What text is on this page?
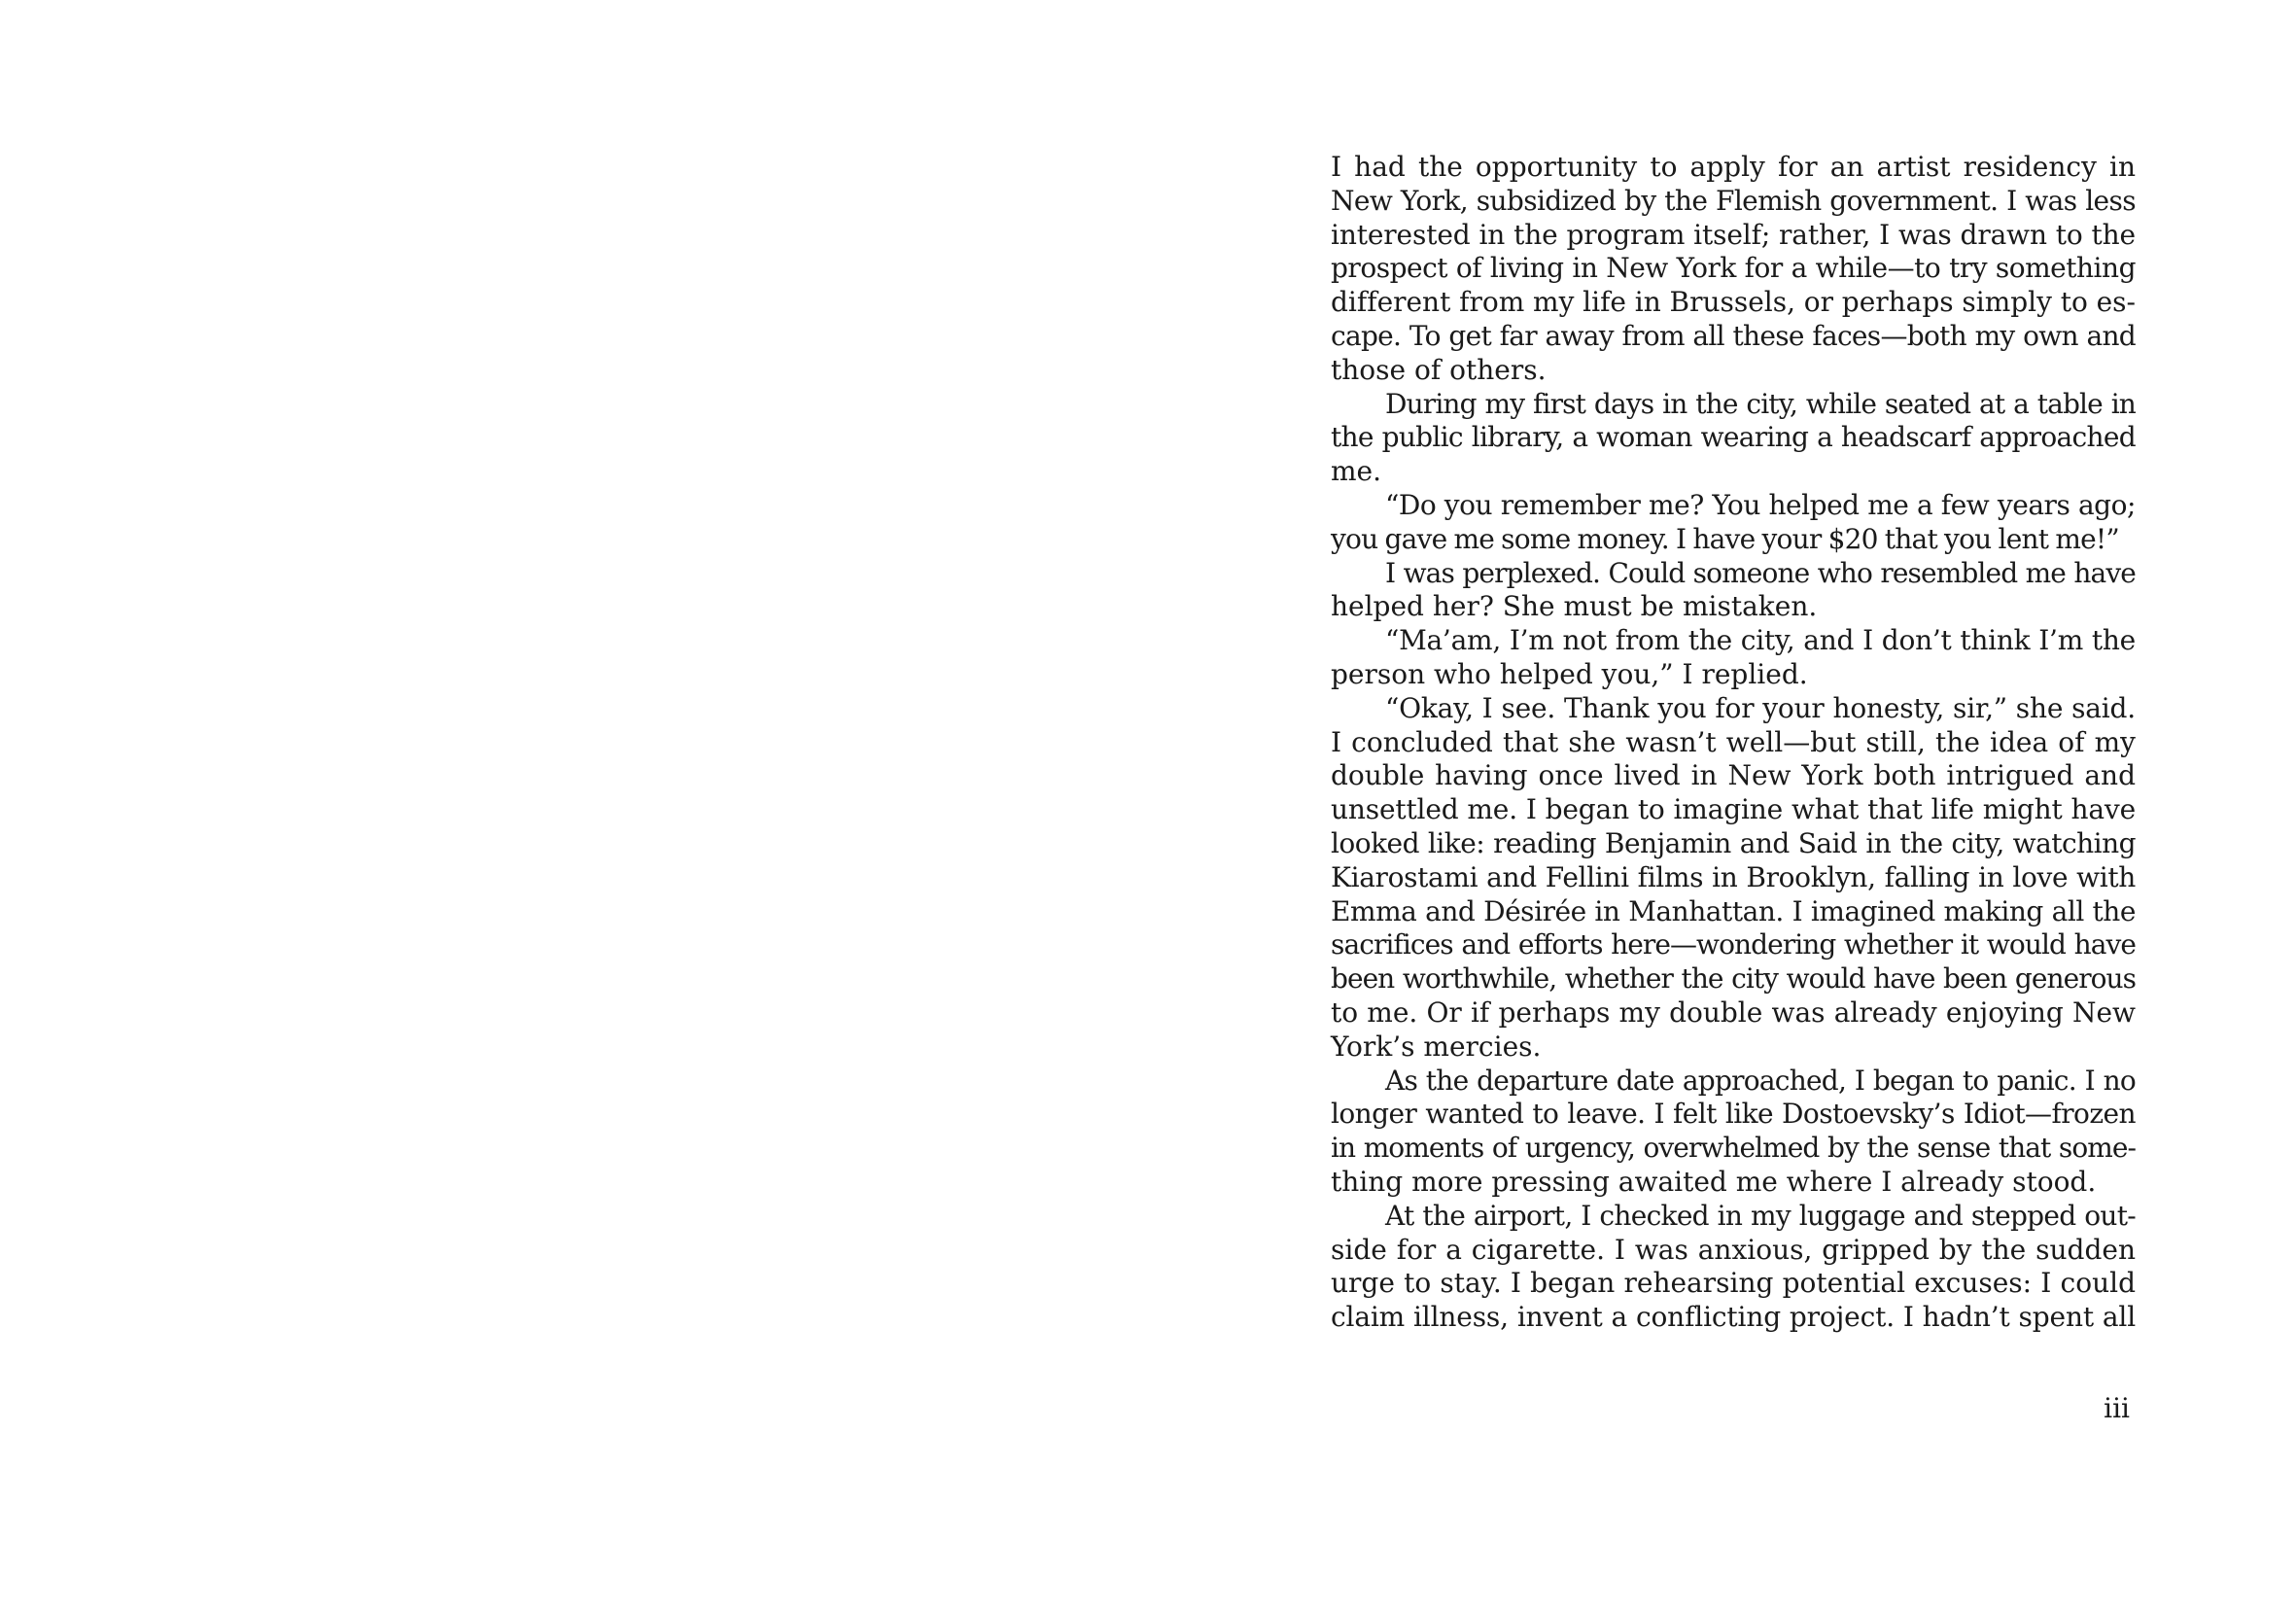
I had the opportunity to apply for an artist residency in
New York, subsidized by the Flemish government. I was less
interested in the program itself; rather, I was drawn to the
prospect of living in New York for a while—to try something
different from my life in Brussels, or perhaps simply to es-
cape. To get far away from all these faces—both my own and
those of others.
During my first days in the city, while seated at a table in
the public library, a woman wearing a headscarf approached
me.
“Do you remember me? You helped me a few years ago;
you gave me some money. I have your $20 that you lent me!”
I was perplexed. Could someone who resembled me have
helped her? She must be mistaken.
“Ma’am, I’m not from the city, and I don’t think I’m the
person who helped you,” I replied.
“Okay, I see. Thank you for your honesty, sir,” she said.
I concluded that she wasn’t well—but still, the idea of my
double having once lived in New York both intrigued and
unsettled me. I began to imagine what that life might have
looked like: reading Benjamin and Said in the city, watching
Kiarostami and Fellini films in Brooklyn, falling in love with
Emma and Désirée in Manhattan. I imagined making all the
sacrifices and efforts here—wondering whether it would have
been worthwhile, whether the city would have been generous
to me. Or if perhaps my double was already enjoying New
York’s mercies.
As the departure date approached, I began to panic. I no
longer wanted to leave. I felt like Dostoevsky’s Idiot—frozen
in moments of urgency, overwhelmed by the sense that some-
thing more pressing awaited me where I already stood.
At the airport, I checked in my luggage and stepped out-
side for a cigarette. I was anxious, gripped by the sudden
urge to stay. I began rehearsing potential excuses: I could
claim illness, invent a conflicting project. I hadn’t spent all
iii
